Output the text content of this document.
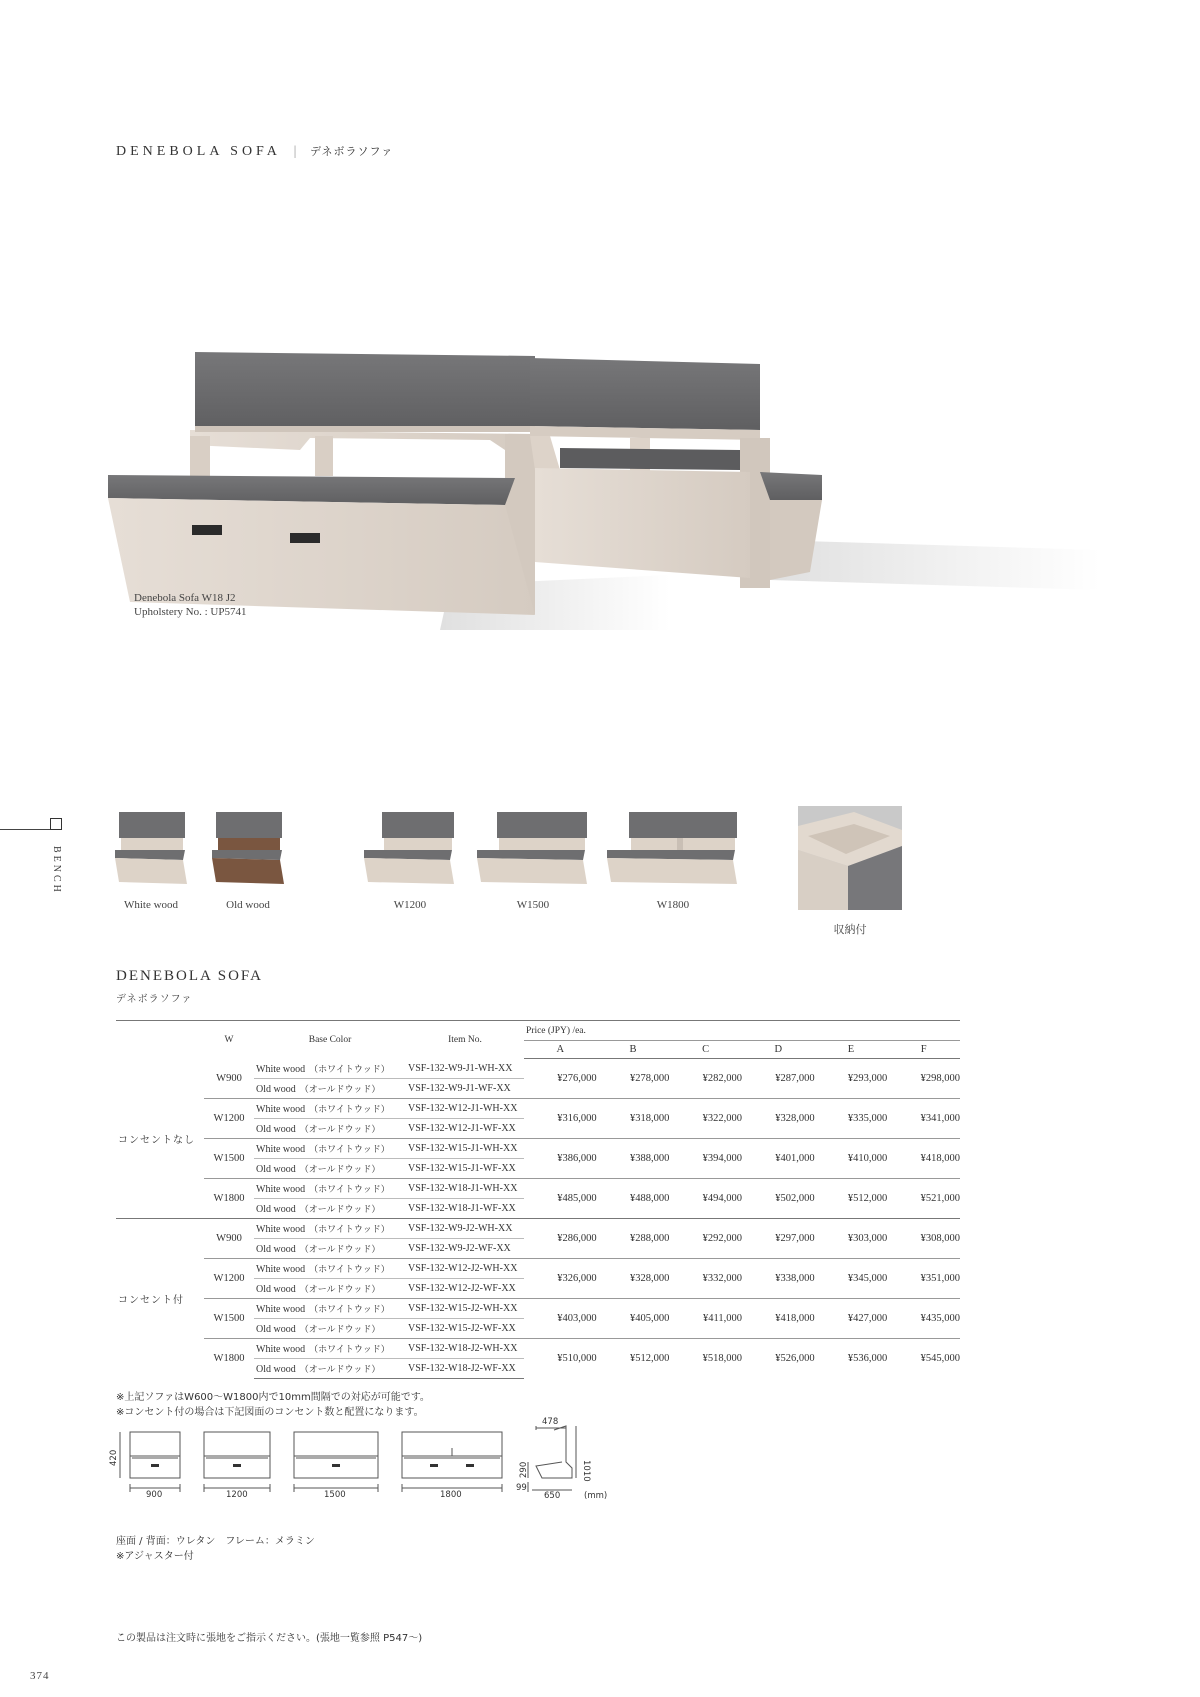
DENEBOLA SOFA | デネボラソファ
Denebola Sofa W18 J2
Upholstery No. : UP5741
BENCH
White wood	Old wood	W1200	W1500	W1800
収納付
DENEBOLA SOFA
デネボラソファ
	W	Base Color	Item No.	Price (JPY) /ea.					
				A	B	C	D	E	F
コンセントなし	W900	White wood （ホワイトウッド）	VSF-132-W9-J1-WH-XX	¥276,000	¥278,000	¥282,000	¥287,000	¥293,000	¥298,000
		Old wood （オールドウッド）	VSF-132-W9-J1-WF-XX						
	W1200	White wood （ホワイトウッド）	VSF-132-W12-J1-WH-XX	¥316,000	¥318,000	¥322,000	¥328,000	¥335,000	¥341,000
		Old wood （オールドウッド）	VSF-132-W12-J1-WF-XX						
	W1500	White wood （ホワイトウッド）	VSF-132-W15-J1-WH-XX	¥386,000	¥388,000	¥394,000	¥401,000	¥410,000	¥418,000
		Old wood （オールドウッド）	VSF-132-W15-J1-WF-XX						
	W1800	White wood （ホワイトウッド）	VSF-132-W18-J1-WH-XX	¥485,000	¥488,000	¥494,000	¥502,000	¥512,000	¥521,000
		Old wood （オールドウッド）	VSF-132-W18-J1-WF-XX						
コンセント付	W900	White wood （ホワイトウッド）	VSF-132-W9-J2-WH-XX	¥286,000	¥288,000	¥292,000	¥297,000	¥303,000	¥308,000
		Old wood （オールドウッド）	VSF-132-W9-J2-WF-XX						
	W1200	White wood （ホワイトウッド）	VSF-132-W12-J2-WH-XX	¥326,000	¥328,000	¥332,000	¥338,000	¥345,000	¥351,000
		Old wood （オールドウッド）	VSF-132-W12-J2-WF-XX						
	W1500	White wood （ホワイトウッド）	VSF-132-W15-J2-WH-XX	¥403,000	¥405,000	¥411,000	¥418,000	¥427,000	¥435,000
		Old wood （オールドウッド）	VSF-132-W15-J2-WF-XX						
	W1800	White wood （ホワイトウッド）	VSF-132-W18-J2-WH-XX	¥510,000	¥512,000	¥518,000	¥526,000	¥536,000	¥545,000
		Old wood （オールドウッド）	VSF-132-W18-J2-WF-XX						
※上記ソファはW600～W1800内で10mm間隔での対応が可能です。
※コンセント付の場合は下記図面のコンセント数と配置になります。
420
900	1200	1500	1800
478
1010
290
99
650	(mm)
座面 / 背面：ウレタン　フレーム：メラミン
※アジャスター付
この製品は注文時に張地をご指示ください。(張地一覧参照 P547～)
374
